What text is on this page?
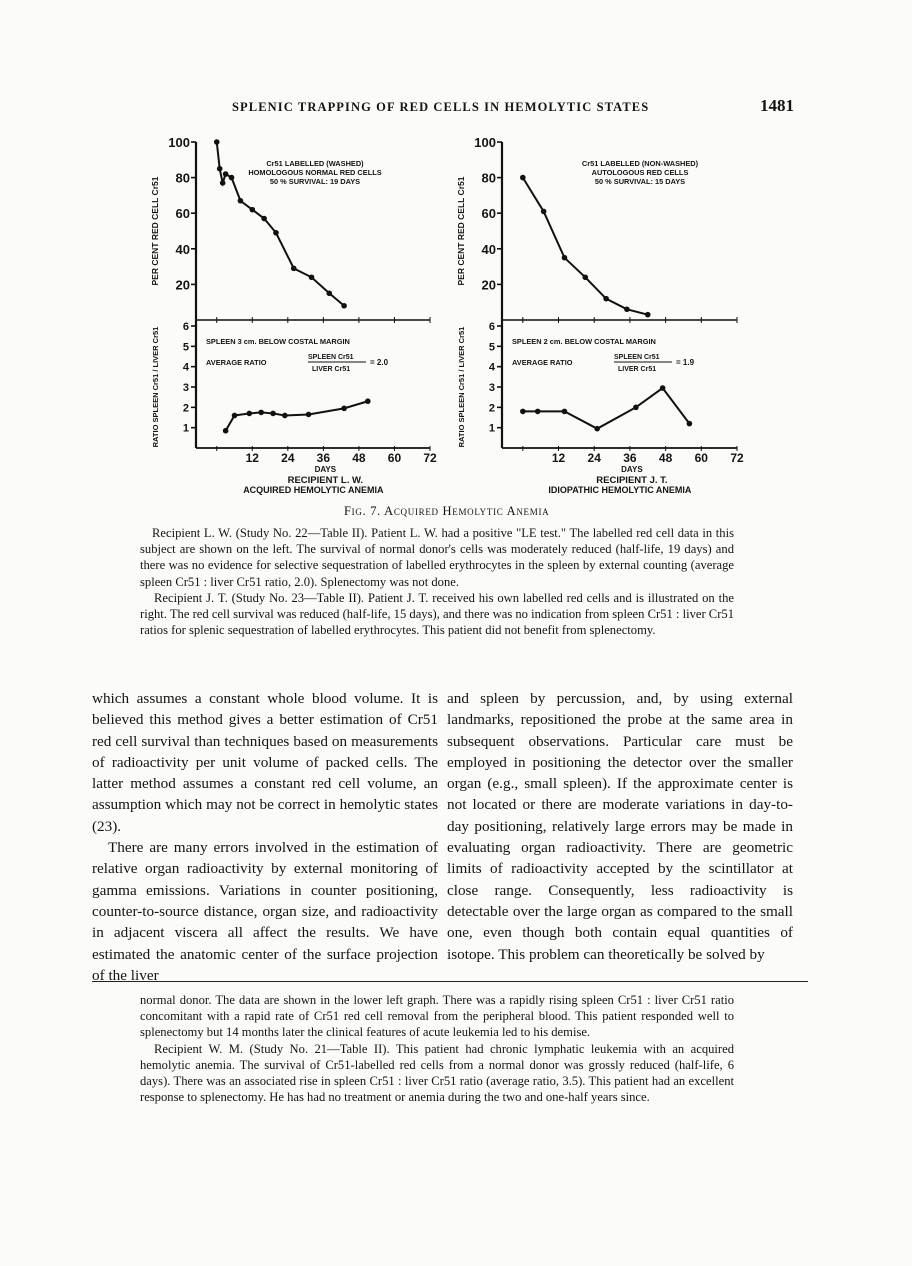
SPLENIC TRAPPING OF RED CELLS IN HEMOLYTIC STATES	1481
100
80
60
40
20
6
5
4
3
2
1
PER CENT RED CELL Cr51
RATIO SPLEEN Cr51 / LIVER Cr51
Cr51 LABELLED (WASHED)
HOMOLOGOUS NORMAL RED CELLS
50 % SURVIVAL: 19 DAYS
SPLEEN 3 cm. BELOW COSTAL MARGIN
AVERAGE RATIO
SPLEEN Cr51
LIVER Cr51
= 2.0
12 24 36 48 60 72
DAYS
RECIPIENT L. W.
ACQUIRED HEMOLYTIC ANEMIA
100
80
60
40
20
6
5
4
3
2
1
PER CENT RED CELL Cr51
RATIO SPLEEN Cr51 / LIVER Cr51
Cr51 LABELLED (NON-WASHED)
AUTOLOGOUS RED CELLS
50 % SURVIVAL: 15 DAYS
SPLEEN 2 cm. BELOW COSTAL MARGIN
AVERAGE RATIO
SPLEEN Cr51
LIVER Cr51
= 1.9
12 24 36 48 60 72
DAYS
RECIPIENT J. T.
IDIOPATHIC HEMOLYTIC ANEMIA
Fig. 7. Acquired Hemolytic Anemia

Recipient L. W. (Study No. 22—Table II). Patient L. W. had a positive "LE test." The labelled red cell data in this subject are shown on the left. The survival of normal donor's cells was moderately reduced (half-life, 19 days) and there was no evidence for selective sequestration of labelled erythrocytes in the spleen by external counting (average spleen Cr51 : liver Cr51 ratio, 2.0). Splenectomy was not done.

Recipient J. T. (Study No. 23—Table II). Patient J. T. received his own labelled red cells and is illustrated on the right. The red cell survival was reduced (half-life, 15 days), and there was no indication from spleen Cr51 : liver Cr51 ratios for splenic sequestration of labelled erythrocytes. This patient did not benefit from splenectomy.

which assumes a constant whole blood volume. It is believed this method gives a better estimation of Cr51 red cell survival than techniques based on measurements of radioactivity per unit volume of packed cells. The latter method assumes a constant red cell volume, an assumption which may not be correct in hemolytic states (23).

There are many errors involved in the estimation of relative organ radioactivity by external monitoring of gamma emissions. Variations in counter positioning, counter-to-source distance, organ size, and radioactivity in adjacent viscera all affect the results. We have estimated the anatomic center of the surface projection of the liver

and spleen by percussion, and, by using external landmarks, repositioned the probe at the same area in subsequent observations. Particular care must be employed in positioning the detector over the smaller organ (e.g., small spleen). If the approximate center is not located or there are moderate variations in day-to-day positioning, relatively large errors may be made in evaluating organ radioactivity. There are geometric limits of radioactivity accepted by the scintillator at close range. Consequently, less radioactivity is detectable over the large organ as compared to the small one, even though both contain equal quantities of isotope. This problem can theoretically be solved by

normal donor. The data are shown in the lower left graph. There was a rapidly rising spleen Cr51 : liver Cr51 ratio concomitant with a rapid rate of Cr51 red cell removal from the peripheral blood. This patient responded well to splenectomy but 14 months later the clinical features of acute leukemia led to his demise.

Recipient W. M. (Study No. 21—Table II). This patient had chronic lymphatic leukemia with an acquired hemolytic anemia. The survival of Cr51-labelled red cells from a normal donor was grossly reduced (half-life, 6 days). There was an associated rise in spleen Cr51 : liver Cr51 ratio (average ratio, 3.5). This patient had an excellent response to splenectomy. He has had no treatment or anemia during the two and one-half years since.
